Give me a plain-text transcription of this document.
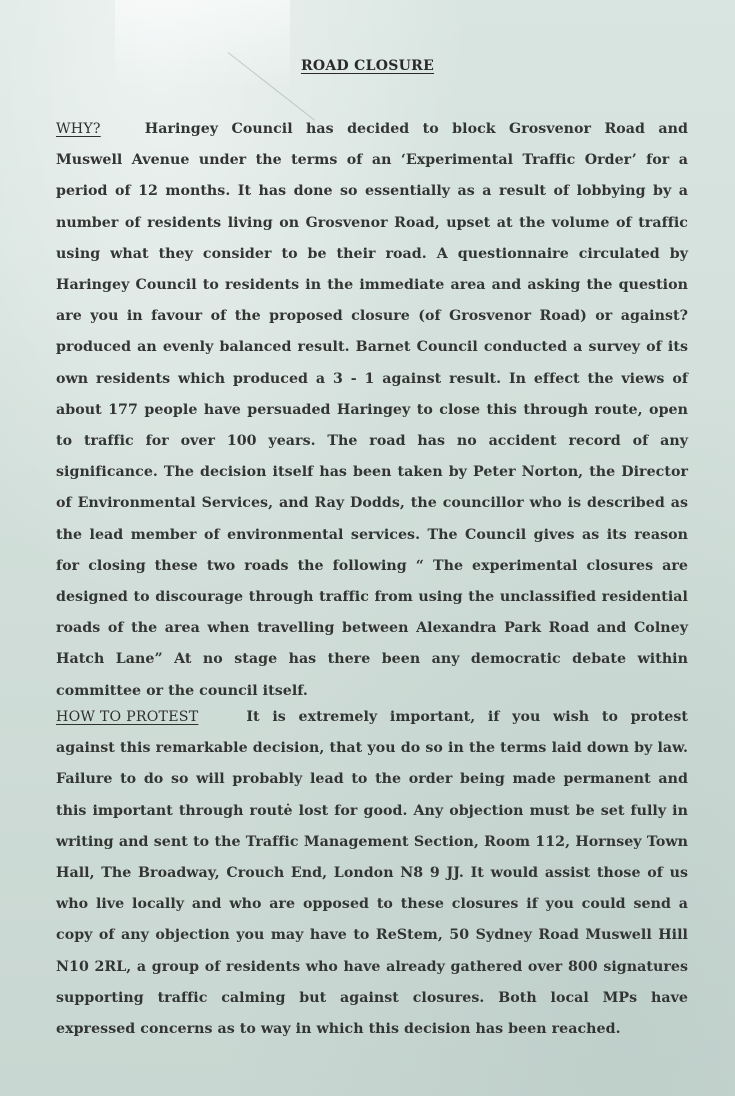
ROAD CLOSURE

WHY?	Haringey Council has decided to block Grosvenor Road and Muswell Avenue under the terms of an ‘Experimental Traffic Order’ for a period of 12 months. It has done so essentially as a result of lobbying by a number of residents living on Grosvenor Road, upset at the volume of traffic using what they consider to be their road. A questionnaire circulated by Haringey Council to residents in the immediate area and asking the question are you in favour of the proposed closure (of Grosvenor Road) or against? produced an evenly balanced result. Barnet Council conducted a survey of its own residents which produced a 3 - 1 against result. In effect the views of about 177 people have persuaded Haringey to close this through route, open to traffic for over 100 years. The road has no accident record of any significance. The decision itself has been taken by Peter Norton, the Director of Environmental Services, and Ray Dodds, the councillor who is described as the lead member of environmental services. The Council gives as its reason for closing these two roads the following “ The experimental closures are designed to discourage through traffic from using the unclassified residential roads of the area when travelling between Alexandra Park Road and Colney Hatch Lane” At no stage has there been any democratic debate within committee or the council itself.

HOW TO PROTEST	It is extremely important, if you wish to protest against this remarkable decision, that you do so in the terms laid down by law. Failure to do so will probably lead to the order being made permanent and this important through routė lost for good. Any objection must be set fully in writing and sent to the Traffic Management Section, Room 112, Hornsey Town Hall, The Broadway, Crouch End, London N8 9 JJ. It would assist those of us who live locally and who are opposed to these closures if you could send a copy of any objection you may have to ReStem, 50 Sydney Road Muswell Hill N10 2RL, a group of residents who have already gathered over 800 signatures supporting traffic calming but against closures. Both local MPs have expressed concerns as to way in which this decision has been reached.
